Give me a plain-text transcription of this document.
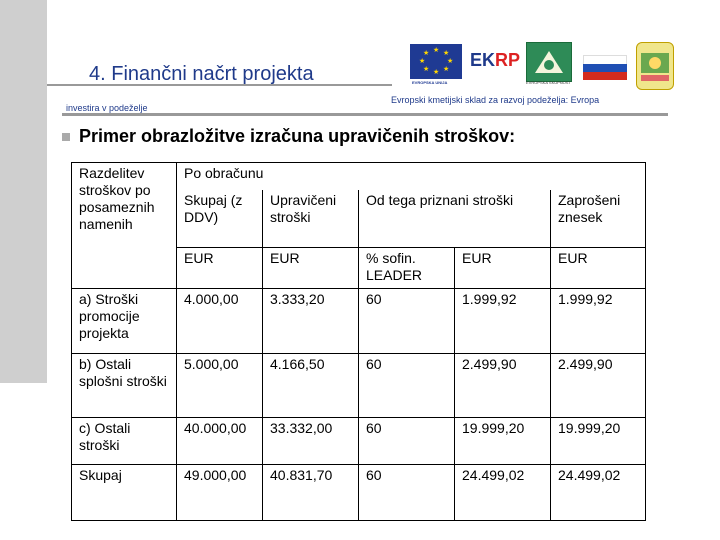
4. Finančni načrt projekta
★ ★
★
★
★
★
★
★
EVROPSKA UNIJA
EKRP
EVROPSKA SKUPNOST
Evropski kmetijski sklad za razvoj podeželja: Evropa
investira v podeželje
Primer obrazložitve izračuna upravičenih stroškov:
Razdelitev stroškov po posameznih namenih	Po obračunu				
	Skupaj (z DDV)	Upravičeni stroški	Od tega priznani stroški		Zaprošeni znesek
	EUR	EUR	% sofin. LEADER	EUR	EUR
a) Stroški promocije projekta	4.000,00	3.333,20	60	1.999,92	1.999,92
b) Ostali splošni stroški	5.000,00	4.166,50	60	2.499,90	2.499,90
c) Ostali stroški	40.000,00	33.332,00	60	19.999,20	19.999,20
Skupaj	49.000,00	40.831,70	60	24.499,02	24.499,02
